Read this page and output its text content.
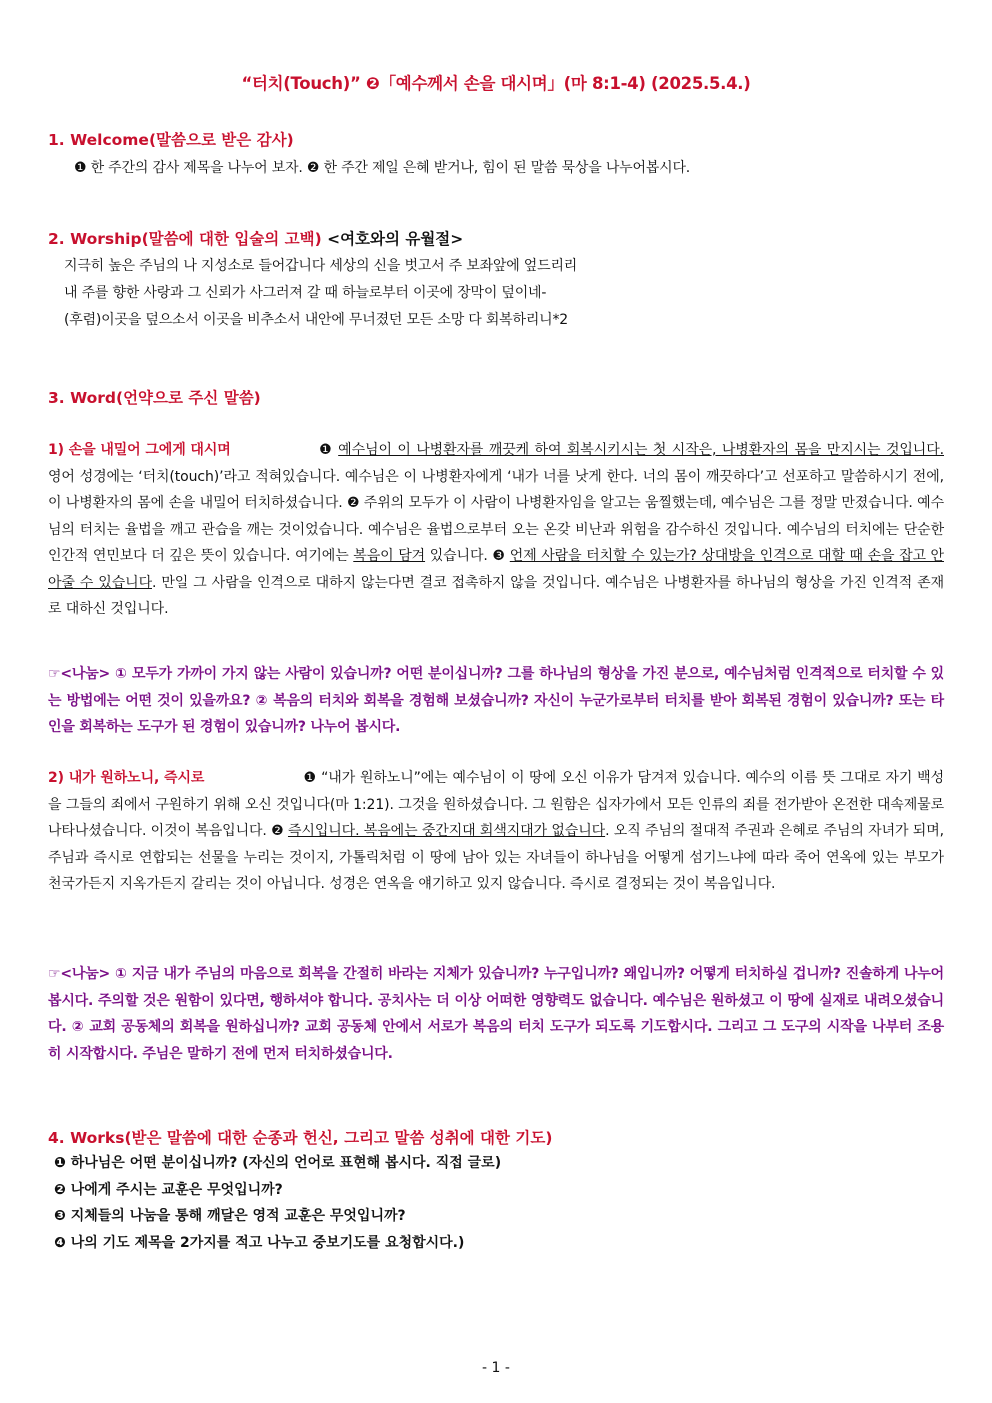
“터치(Touch)” ❷「예수께서 손을 대시며」(마 8:1-4) (2025.5.4.)
1. Welcome(말씀으로 받은 감사)
❶ 한 주간의 감사 제목을 나누어 보자. ❷ 한 주간 제일 은혜 받거나, 힘이 된 말씀 묵상을 나누어봅시다.
2. Worship(말씀에 대한 입술의 고백) <여호와의 유월절>
지극히 높은 주님의 나 지성소로 들어갑니다 세상의 신을 벗고서 주 보좌앞에 엎드리리
내 주를 향한 사랑과 그 신뢰가 사그러져 갈 때 하늘로부터 이곳에 장막이 덮이네-
(후렴)이곳을 덮으소서 이곳을 비추소서 내안에 무너졌던 모든 소망 다 회복하리니*2
3. Word(언약으로 주신 말씀)
1) 손을 내밀어 그에게 대시며	❶ 예수님이 이 나병환자를 깨끗케 하여 회복시키시는 첫 시작은, 나병환자의 몸을 만지시는 것입니다. 영어 성경에는 ‘터치(touch)’라고 적혀있습니다. 예수님은 이 나병환자에게 ‘내가 너를 낫게 한다. 너의 몸이 깨끗하다’고 선포하고 말씀하시기 전에, 이 나병환자의 몸에 손을 내밀어 터치하셨습니다. ❷ 주위의 모두가 이 사람이 나병환자임을 알고는 움찔했는데, 예수님은 그를 정말 만졌습니다. 예수님의 터치는 율법을 깨고 관습을 깨는 것이었습니다. 예수님은 율법으로부터 오는 온갖 비난과 위험을 감수하신 것입니다. 예수님의 터치에는 단순한 인간적 연민보다 더 깊은 뜻이 있습니다. 여기에는 복음이 담겨 있습니다. ❸ 언제 사람을 터치할 수 있는가? 상대방을 인격으로 대할 때 손을 잡고 안아줄 수 있습니다. 만일 그 사람을 인격으로 대하지 않는다면 결코 접촉하지 않을 것입니다. 예수님은 나병환자를 하나님의 형상을 가진 인격적 존재로 대하신 것입니다.
☞<나눔> ① 모두가 가까이 가지 않는 사람이 있습니까? 어떤 분이십니까? 그를 하나님의 형상을 가진 분으로, 예수님처럼 인격적으로 터치할 수 있는 방법에는 어떤 것이 있을까요? ② 복음의 터치와 회복을 경험해 보셨습니까? 자신이 누군가로부터 터치를 받아 회복된 경험이 있습니까? 또는 타인을 회복하는 도구가 된 경험이 있습니까? 나누어 봅시다.
2) 내가 원하노니, 즉시로	❶ “내가 원하노니”에는 예수님이 이 땅에 오신 이유가 담겨져 있습니다. 예수의 이름 뜻 그대로 자기 백성을 그들의 죄에서 구원하기 위해 오신 것입니다(마 1:21). 그것을 원하셨습니다. 그 원함은 십자가에서 모든 인류의 죄를 전가받아 온전한 대속제물로 나타나셨습니다. 이것이 복음입니다. ❷ 즉시입니다. 복음에는 중간지대 회색지대가 없습니다. 오직 주님의 절대적 주권과 은혜로 주님의 자녀가 되며, 주님과 즉시로 연합되는 선물을 누리는 것이지, 가톨릭처럼 이 땅에 남아 있는 자녀들이 하나님을 어떻게 섬기느냐에 따라 죽어 연옥에 있는 부모가 천국가든지 지옥가든지 갈리는 것이 아닙니다. 성경은 연옥을 얘기하고 있지 않습니다. 즉시로 결정되는 것이 복음입니다.
☞<나눔> ① 지금 내가 주님의 마음으로 회복을 간절히 바라는 지체가 있습니까? 누구입니까? 왜입니까? 어떻게 터치하실 겁니까? 진솔하게 나누어 봅시다. 주의할 것은 원함이 있다면, 행하셔야 합니다. 공치사는 더 이상 어떠한 영향력도 없습니다. 예수님은 원하셨고 이 땅에 실재로 내려오셨습니다. ② 교회 공동체의 회복을 원하십니까? 교회 공동체 안에서 서로가 복음의 터치 도구가 되도록 기도합시다. 그리고 그 도구의 시작을 나부터 조용히 시작합시다. 주님은 말하기 전에 먼저 터치하셨습니다.
4. Works(받은 말씀에 대한 순종과 헌신, 그리고 말씀 성취에 대한 기도)
❶ 하나님은 어떤 분이십니까? (자신의 언어로 표현해 봅시다. 직접 글로)
❷ 나에게 주시는 교훈은 무엇입니까?
❸ 지체들의 나눔을 통해 깨달은 영적 교훈은 무엇입니까?
❹ 나의 기도 제목을 2가지를 적고 나누고 중보기도를 요청합시다.)
- 1 -
